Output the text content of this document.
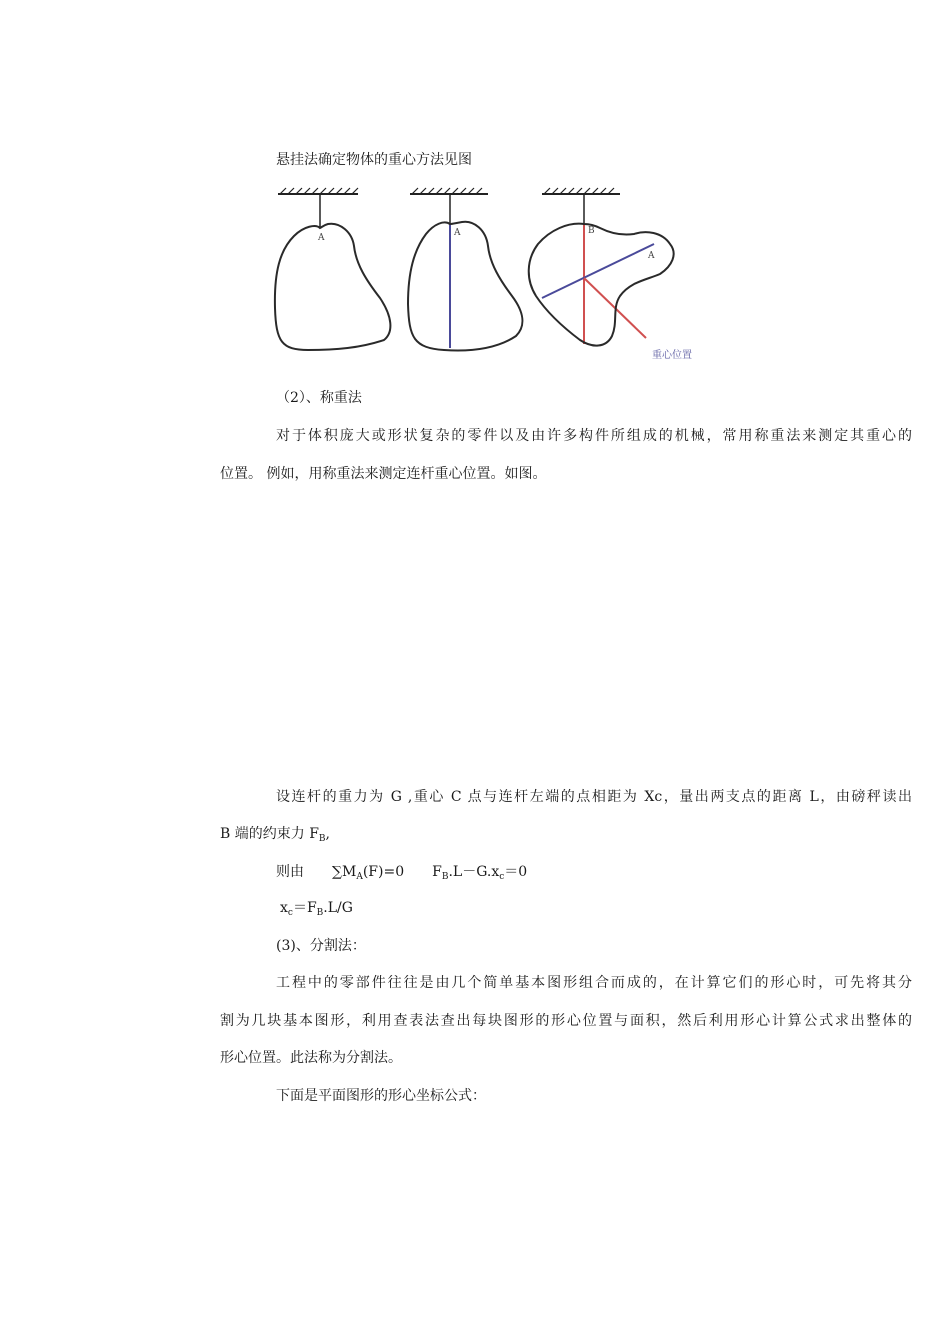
悬挂法确定物体的重心方法见图
A	A	B
A
重心位置
（2）、称重法
对于体积庞大或形状复杂的零件以及由许多构件所组成的机械，常用称重法来测定其重心的
位置。 例如，用称重法来测定连杆重心位置。如图。
设连杆的重力为 G ,重心 C 点与连杆左端的点相距为 Xc，量出两支点的距离 L，由磅秤读出
B 端的约束力 $F_B$,
则由 $\sum M_A(F)=0$ $F_B.L-G.x_c=0$
$x_c=F_B.L/G$
(3)、分割法：
工程中的零部件往往是由几个简单基本图形组合而成的，在计算它们的形心时，可先将其分
割为几块基本图形，利用查表法查出每块图形的形心位置与面积，然后利用形心计算公式求出整体的
形心位置。此法称为分割法。
下面是平面图形的形心坐标公式：
